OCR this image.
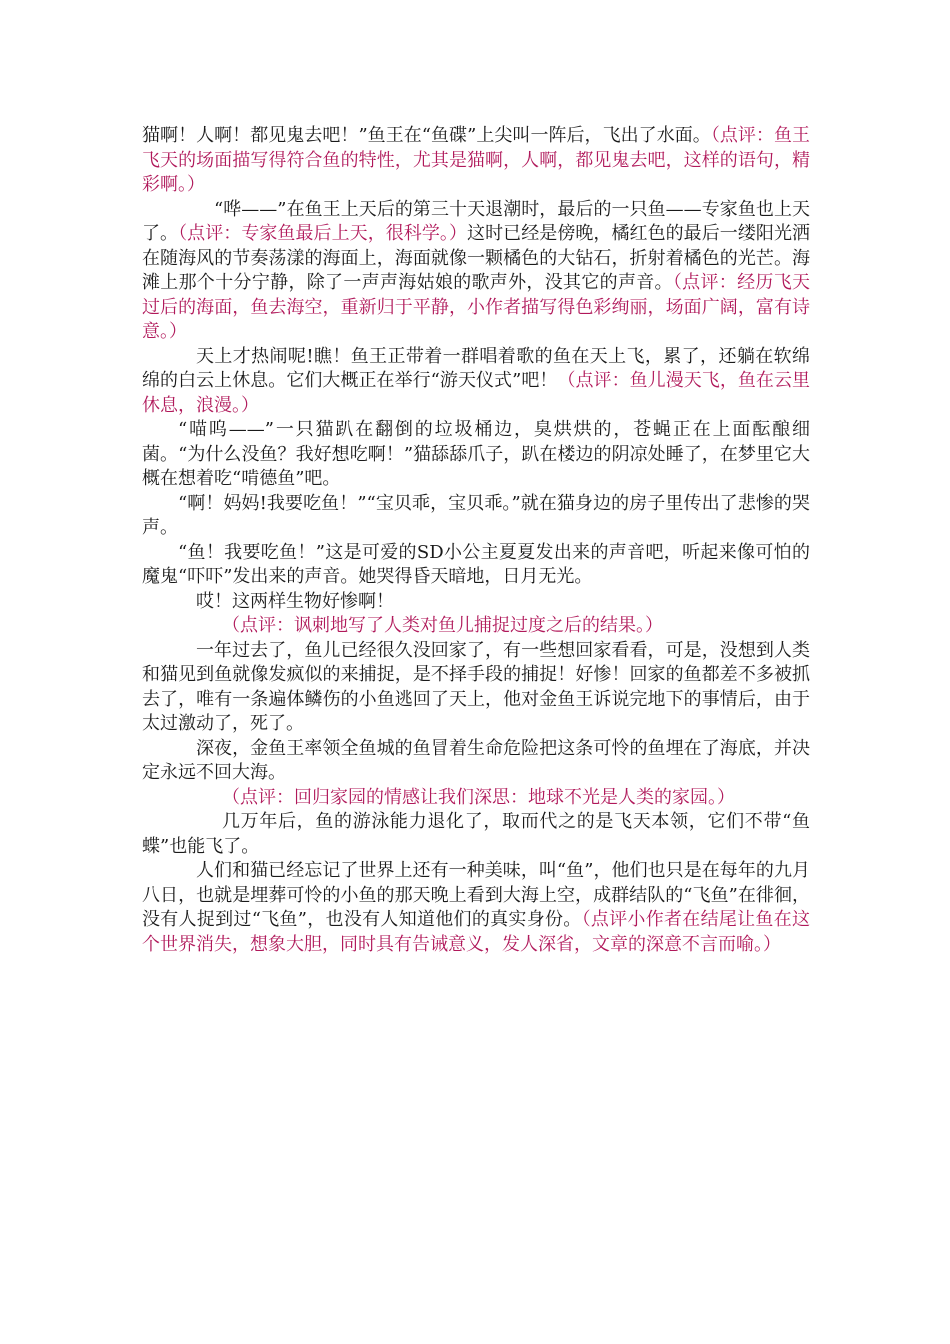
猫啊！人啊！都见鬼去吧！”鱼王在“鱼碟”上尖叫一阵后，飞出了水面。（点评：鱼王飞天的场面描写得符合鱼的特性，尤其是猫啊，人啊，都见鬼去吧，这样的语句，精彩啊。）

“哗——”在鱼王上天后的第三十天退潮时，最后的一只鱼——专家鱼也上天了。（点评：专家鱼最后上天，很科学。）这时已经是傍晚，橘红色的最后一缕阳光洒在随海风的节奏荡漾的海面上，海面就像一颗橘色的大钻石，折射着橘色的光芒。海滩上那个十分宁静，除了一声声海姑娘的歌声外，没其它的声音。（点评：经历飞天过后的海面，鱼去海空，重新归于平静，小作者描写得色彩绚丽，场面广阔，富有诗意。）

天上才热闹呢!瞧！鱼王正带着一群唱着歌的鱼在天上飞，累了，还躺在软绵绵的白云上休息。它们大概正在举行“游天仪式”吧！（点评：鱼儿漫天飞，鱼在云里休息，浪漫。）

“喵呜——”一只猫趴在翻倒的垃圾桶边，臭烘烘的，苍蝇正在上面酝酿细菌。“为什么没鱼？我好想吃啊！”猫舔舔爪子，趴在楼边的阴凉处睡了，在梦里它大概在想着吃“啃德鱼”吧。

“啊！妈妈!我要吃鱼！”“宝贝乖，宝贝乖。”就在猫身边的房子里传出了悲惨的哭声。

“鱼！我要吃鱼！”这是可爱的SD小公主夏夏发出来的声音吧，听起来像可怕的魔鬼“吓吓”发出来的声音。她哭得昏天暗地，日月无光。

哎！这两样生物好惨啊！

（点评：讽刺地写了人类对鱼儿捕捉过度之后的结果。）

一年过去了，鱼儿已经很久没回家了，有一些想回家看看，可是，没想到人类和猫见到鱼就像发疯似的来捕捉，是不择手段的捕捉！好惨！回家的鱼都差不多被抓去了，唯有一条遍体鳞伤的小鱼逃回了天上，他对金鱼王诉说完地下的事情后，由于太过激动了，死了。

深夜，金鱼王率领全鱼城的鱼冒着生命危险把这条可怜的鱼埋在了海底，并决定永远不回大海。

（点评：回归家园的情感让我们深思：地球不光是人类的家园。）

几万年后，鱼的游泳能力退化了，取而代之的是飞天本领，它们不带“鱼蝶”也能飞了。

人们和猫已经忘记了世界上还有一种美味，叫“鱼”，他们也只是在每年的九月八日，也就是埋葬可怜的小鱼的那天晚上看到大海上空，成群结队的“飞鱼”在徘徊，没有人捉到过“飞鱼”，也没有人知道他们的真实身份。（点评小作者在结尾让鱼在这个世界消失，想象大胆，同时具有告诫意义，发人深省，文章的深意不言而喻。）
